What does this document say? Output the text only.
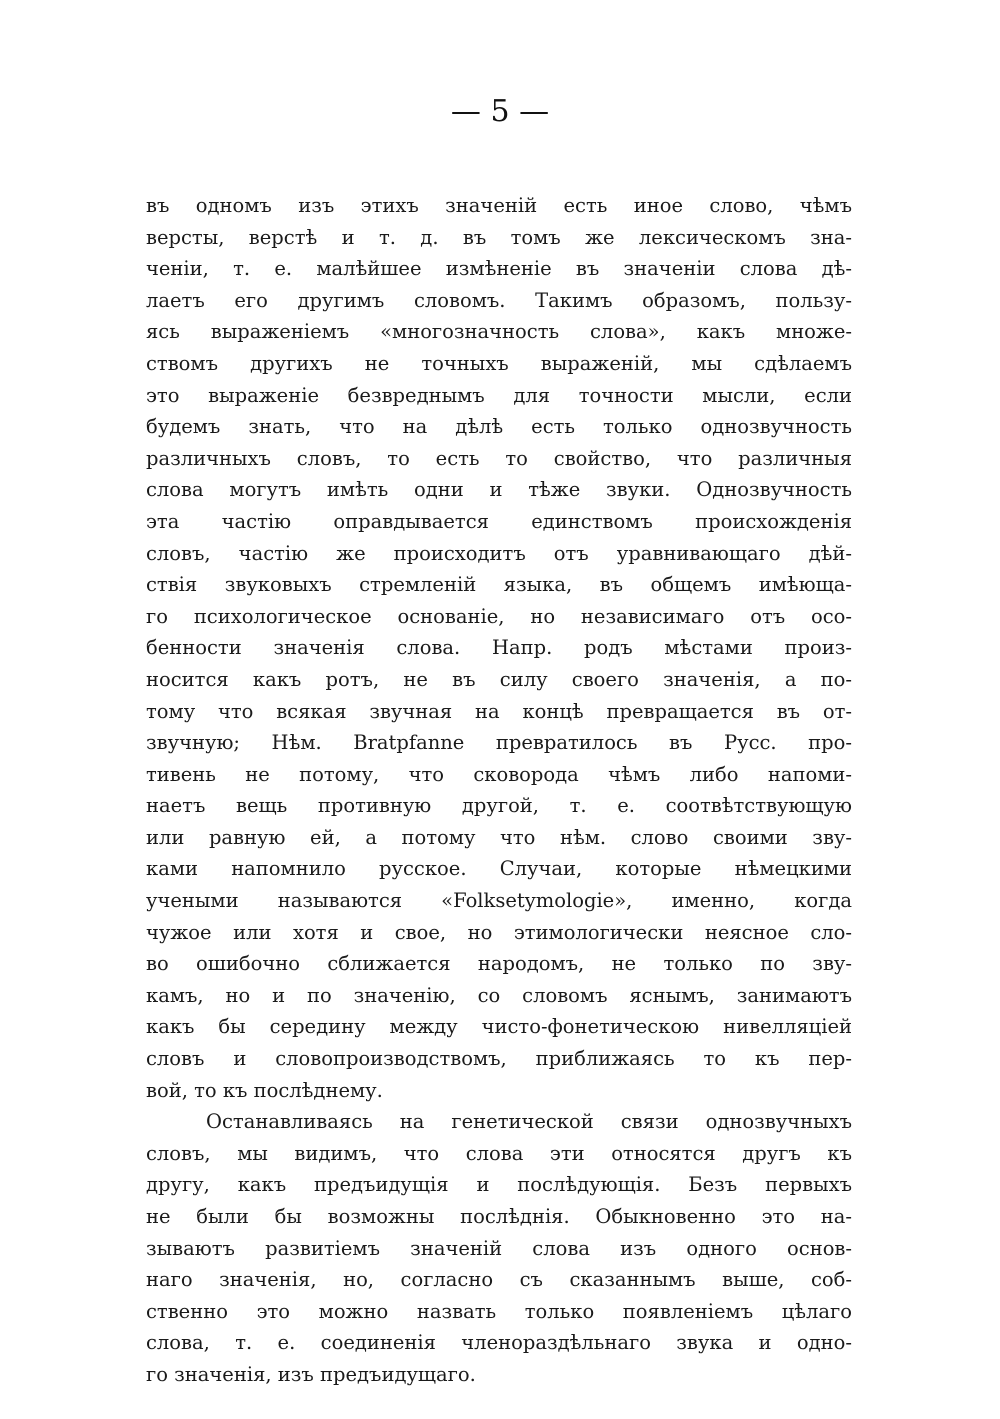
— 5 —
въ одномъ изъ этихъ значеній есть иное слово, чѣмъ
версты, верстѣ и т. д. въ томъ же лексическомъ зна-
ченіи, т. е. малѣйшее измѣненіе въ значеніи слова дѣ-
лаетъ его другимъ словомъ. Такимъ образомъ, пользу-
ясь выраженіемъ «многозначность слова», какъ множе-
ствомъ другихъ не точныхъ выраженій, мы сдѣлаемъ
это выраженіе безвреднымъ для точности мысли, если
будемъ знать, что на дѣлѣ есть только однозвучность
различныхъ словъ, то есть то свойство, что различныя
слова могутъ имѣть одни и тѣже звуки. Однозвучность
эта частію оправдывается единствомъ происхожденія
словъ, частію же происходитъ отъ уравнивающаго дѣй-
ствія звуковыхъ стремленій языка, въ общемъ имѣюща-
го психологическое основаніе, но независимаго отъ осо-
бенности значенія слова. Напр. родъ мѣстами произ-
носится какъ ротъ, не въ силу своего значенія, а по-
тому что всякая звучная на концѣ превращается въ от-
звучную; Нѣм. Bratpfanne превратилось въ Русс. про-
тивень не потому, что сковорода чѣмъ либо напоми-
наетъ вещь противную другой, т. е. соотвѣтствующую
или равную ей, а потому что нѣм. слово своими зву-
ками напомнило русское. Случаи, которые нѣмецкими
учеными называются «Folksetymologie», именно, когда
чужое или хотя и свое, но этимологически неясное сло-
во ошибочно сближается народомъ, не только по зву-
камъ, но и по значенію, со словомъ яснымъ, занимаютъ
какъ бы середину между чисто-фонетическою нивелляціей
словъ и словопроизводствомъ, приближаясь то къ пер-
вой, то къ послѣднему.
Останавливаясь на генетической связи однозвучныхъ
словъ, мы видимъ, что слова эти относятся другъ къ
другу, какъ предъидущія и послѣдующія. Безъ первыхъ
не были бы возможны послѣднія. Обыкновенно это на-
зываютъ развитіемъ значеній слова изъ одного основ-
наго значенія, но, согласно съ сказаннымъ выше, соб-
ственно это можно назвать только появленіемъ цѣлаго
слова, т. е. соединенія членораздѣльнаго звука и одно-
го значенія, изъ предъидущаго.
